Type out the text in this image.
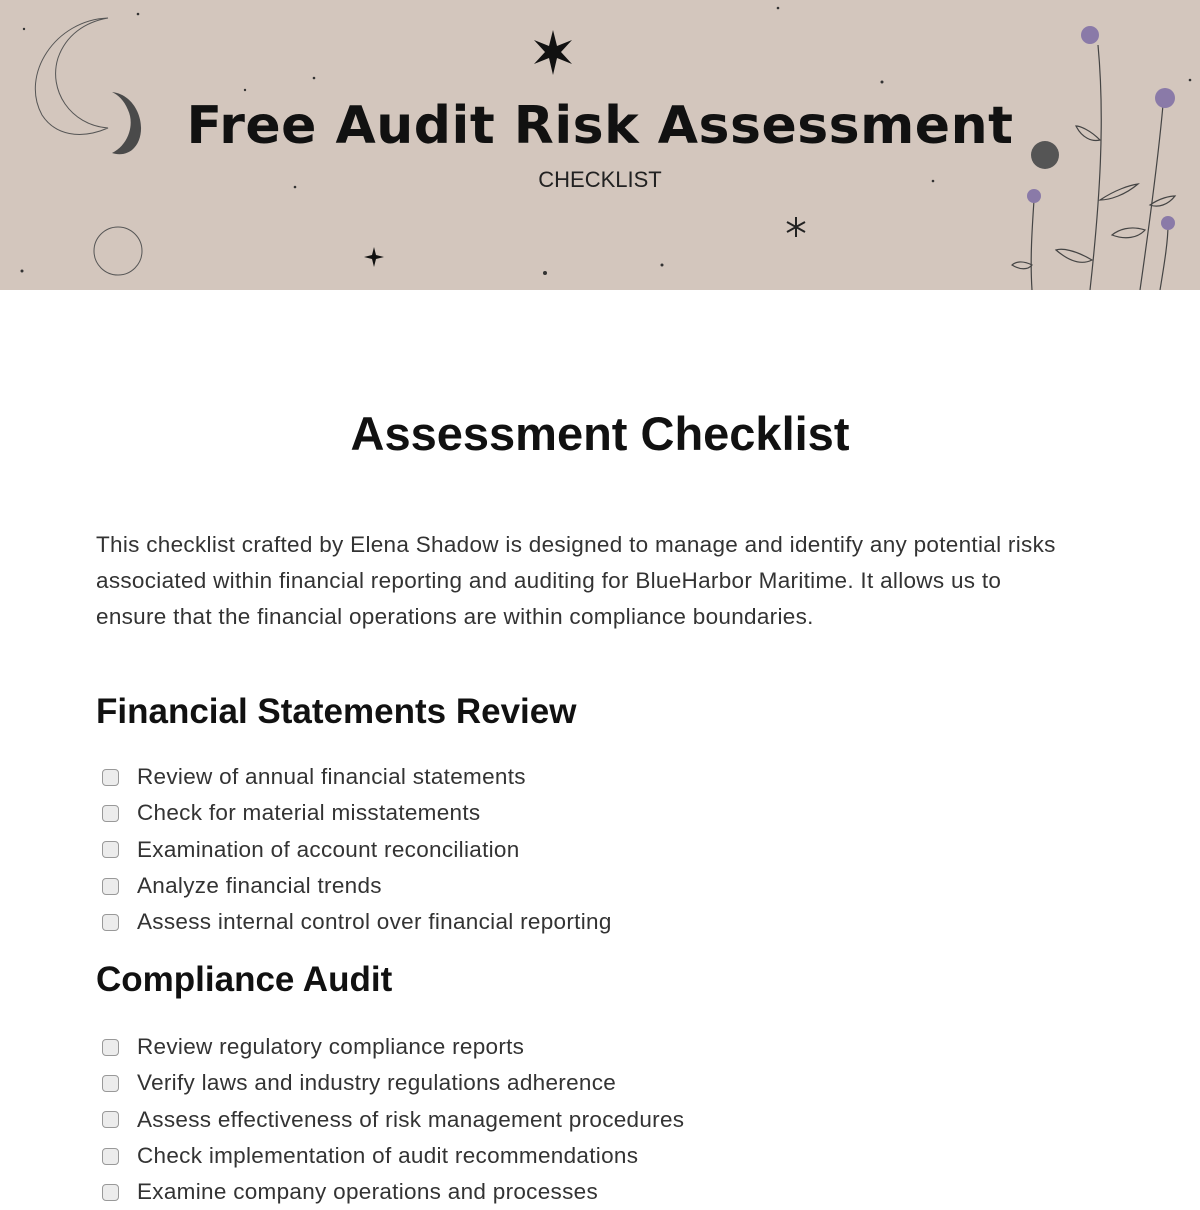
Free Audit Risk Assessment
CHECKLIST
Assessment Checklist

This checklist crafted by Elena Shadow is designed to manage and identify any potential risks associated within financial reporting and auditing for BlueHarbor Maritime. It allows us to ensure that the financial operations are within compliance boundaries.

Financial Statements Review
Review of annual financial statements
Check for material misstatements
Examination of account reconciliation
Analyze financial trends
Assess internal control over financial reporting
Compliance Audit
Review regulatory compliance reports
Verify laws and industry regulations adherence
Assess effectiveness of risk management procedures
Check implementation of audit recommendations
Examine company operations and processes
